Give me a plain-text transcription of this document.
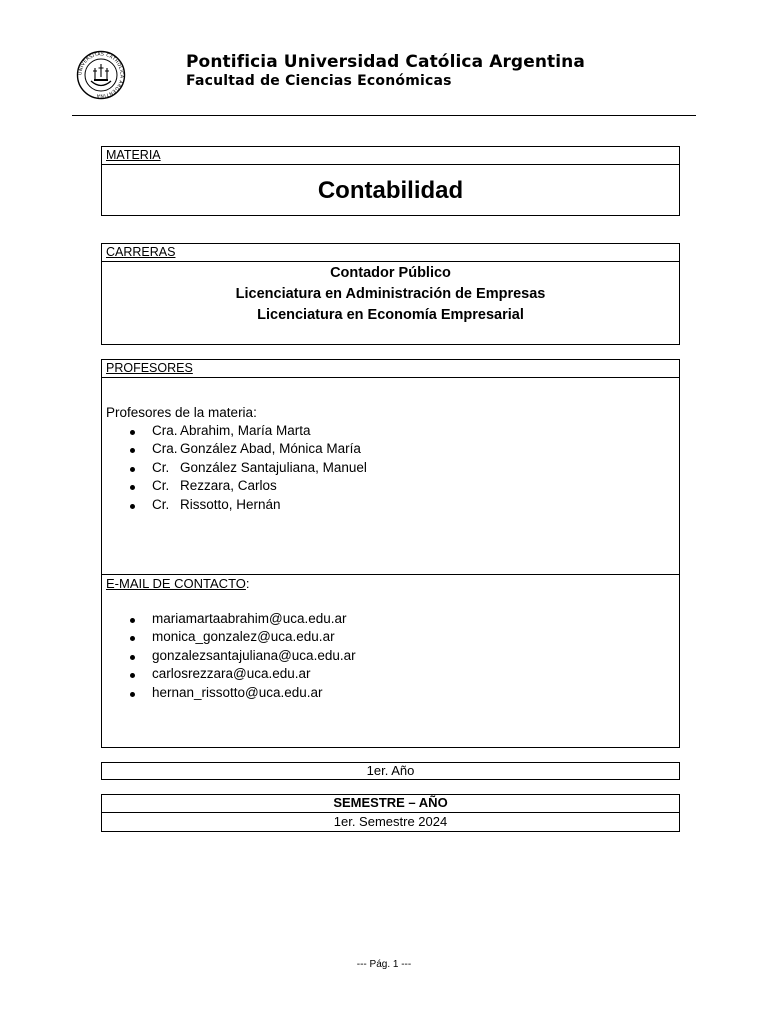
UNIVERSITAS CATHOLICA ARGENTINA
Pontificia Universidad Católica Argentina
Facultad de Ciencias Económicas
MATERIA
Contabilidad
CARRERAS
Contador Público
Licenciatura en Administración de Empresas
Licenciatura en Economía Empresarial
PROFESORES
Profesores de la materia:
Cra. Abrahim, María Marta
Cra. González Abad, Mónica María
Cr. González Santajuliana, Manuel
Cr. Rezzara, Carlos
Cr. Rissotto, Hernán
E-MAIL DE CONTACTO:
mariamartaabrahim@uca.edu.ar
monica_gonzalez@uca.edu.ar
gonzalezsantajuliana@uca.edu.ar
carlosrezzara@uca.edu.ar
hernan_rissotto@uca.edu.ar
1er. Año
SEMESTRE – AÑO
1er. Semestre 2024
--- Pág. 1 ---
